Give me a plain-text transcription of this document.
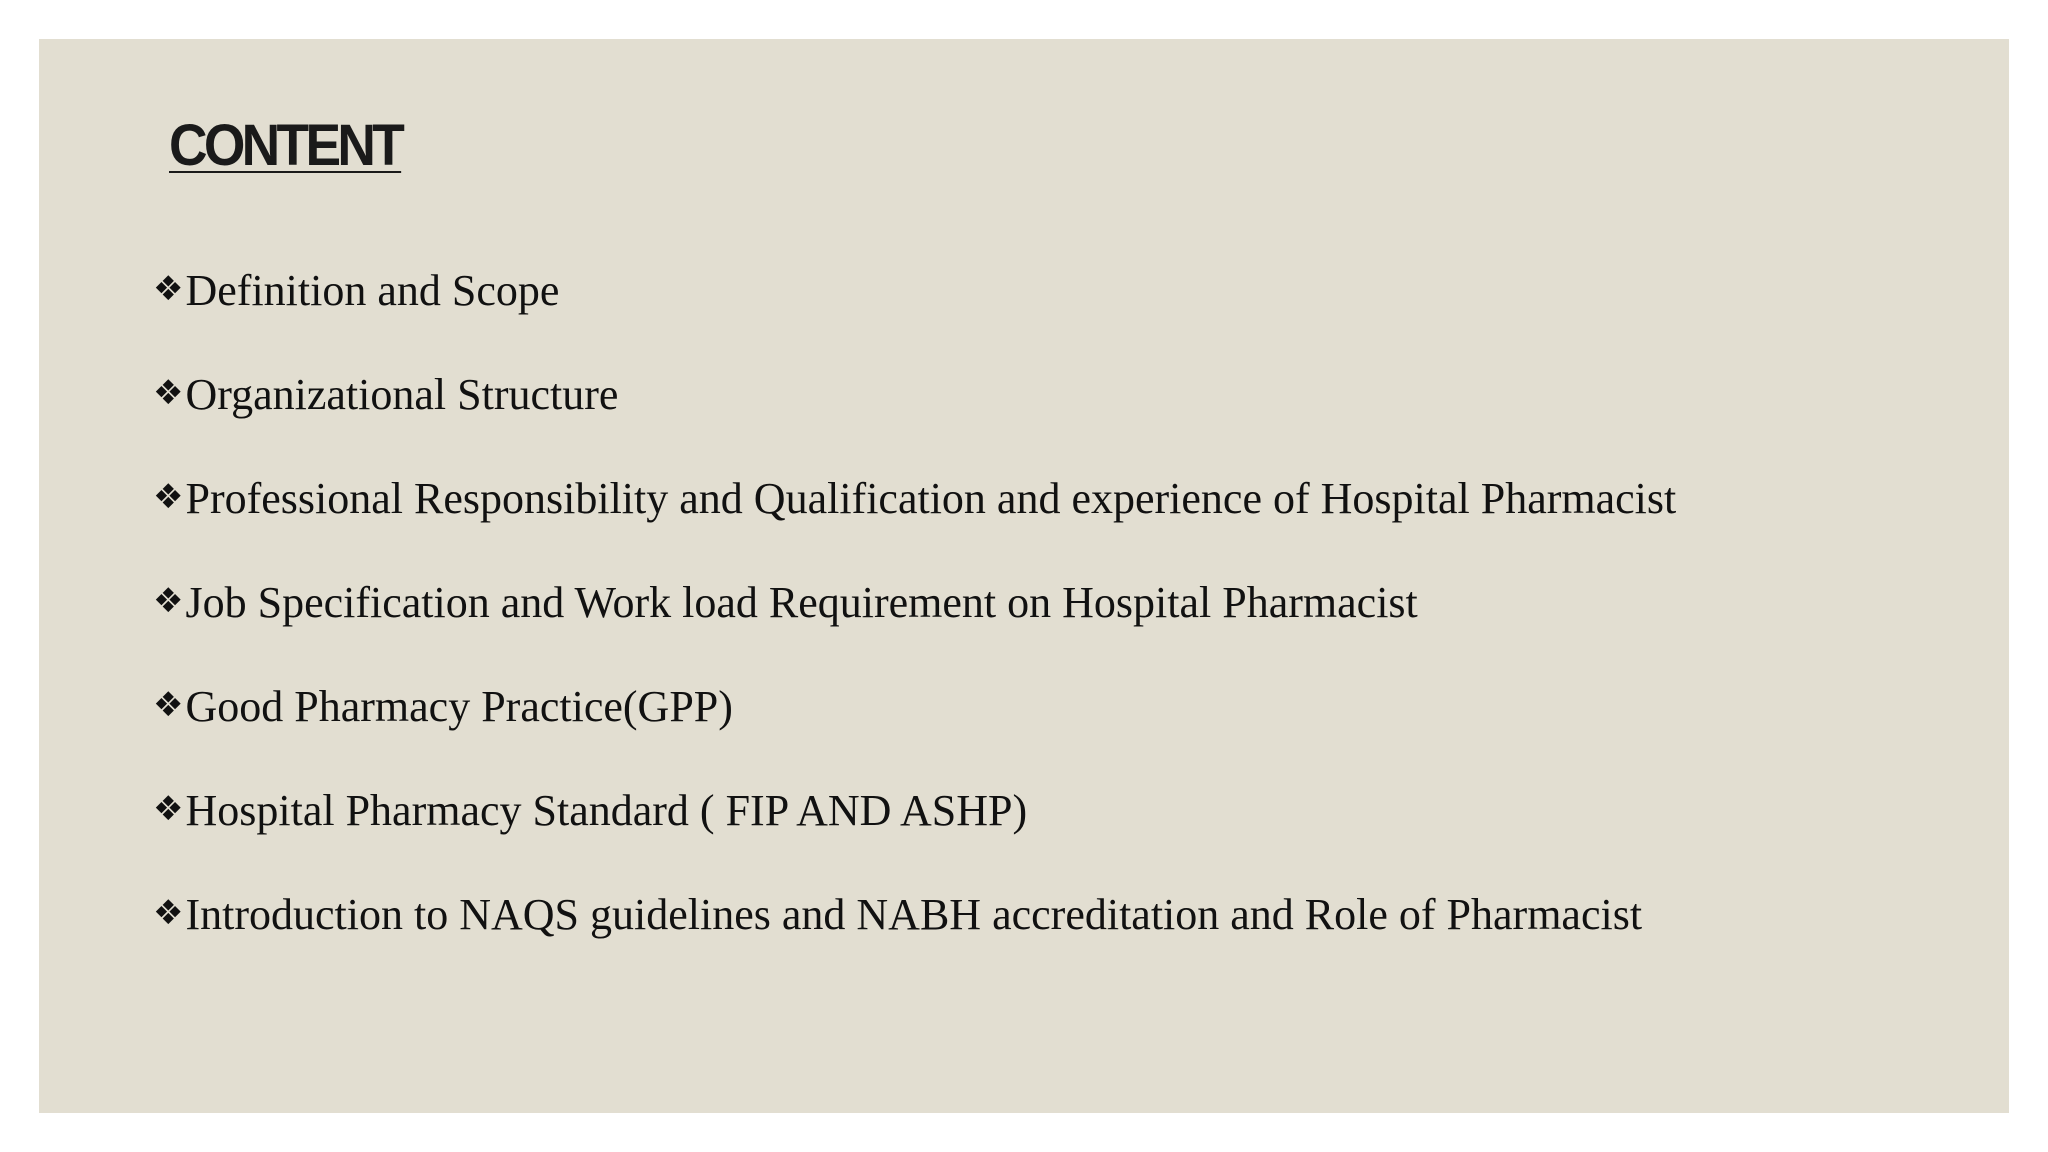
CONTENT
❖ Definition and Scope
❖ Organizational Structure
❖ Professional Responsibility and Qualification and experience of Hospital Pharmacist
❖ Job Specification and Work load Requirement on Hospital Pharmacist
❖ Good Pharmacy Practice(GPP)
❖ Hospital Pharmacy Standard ( FIP AND ASHP)
❖ Introduction to NAQS guidelines and NABH accreditation and Role of Pharmacist
